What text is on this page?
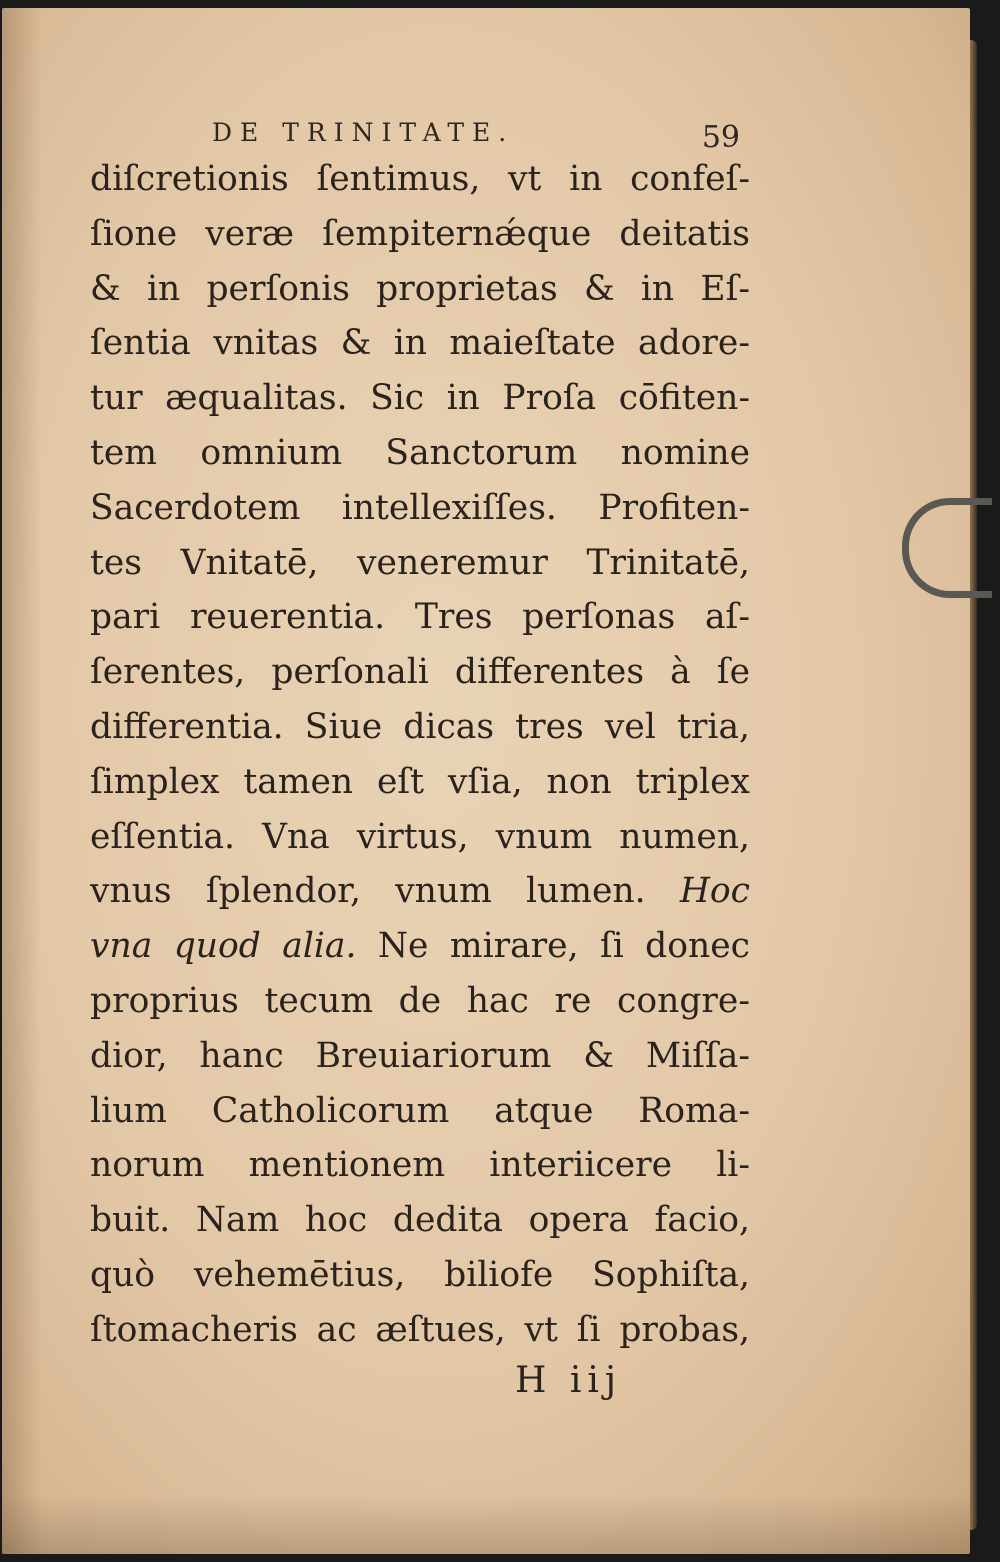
DE TRINITATE.	59
diſcretionis ſentimus, vt in confeſ-
ſione veræ ſempiternǽque deitatis
& in perſonis proprietas & in Eſ-
ſentia vnitas & in maieſtate adore-
tur æqualitas. Sic in Proſa cōfiten-
tem omnium Sanctorum nomine
Sacerdotem intellexiſſes. Profiten-
tes Vnitatē, veneremur Trinitatē,
pari reuerentia. Tres perſonas aſ-
ſerentes, perſonali differentes à ſe
differentia. Siue dicas tres vel tria,
ſimplex tamen eſt vſia, non triplex
eſſentia. Vna virtus, vnum numen,
vnus ſplendor, vnum lumen. Hoc
vna quod alia. Ne mirare, ſi donec
proprius tecum de hac re congre-
dior, hanc Breuiariorum & Miſſa-
lium Catholicorum atque Roma-
norum mentionem interiicere li-
buit. Nam hoc dedita opera facio,
quò vehemētius, biliofe Sophiſta,
ſtomacheris ac æſtues, vt ſi probas,
H iij
